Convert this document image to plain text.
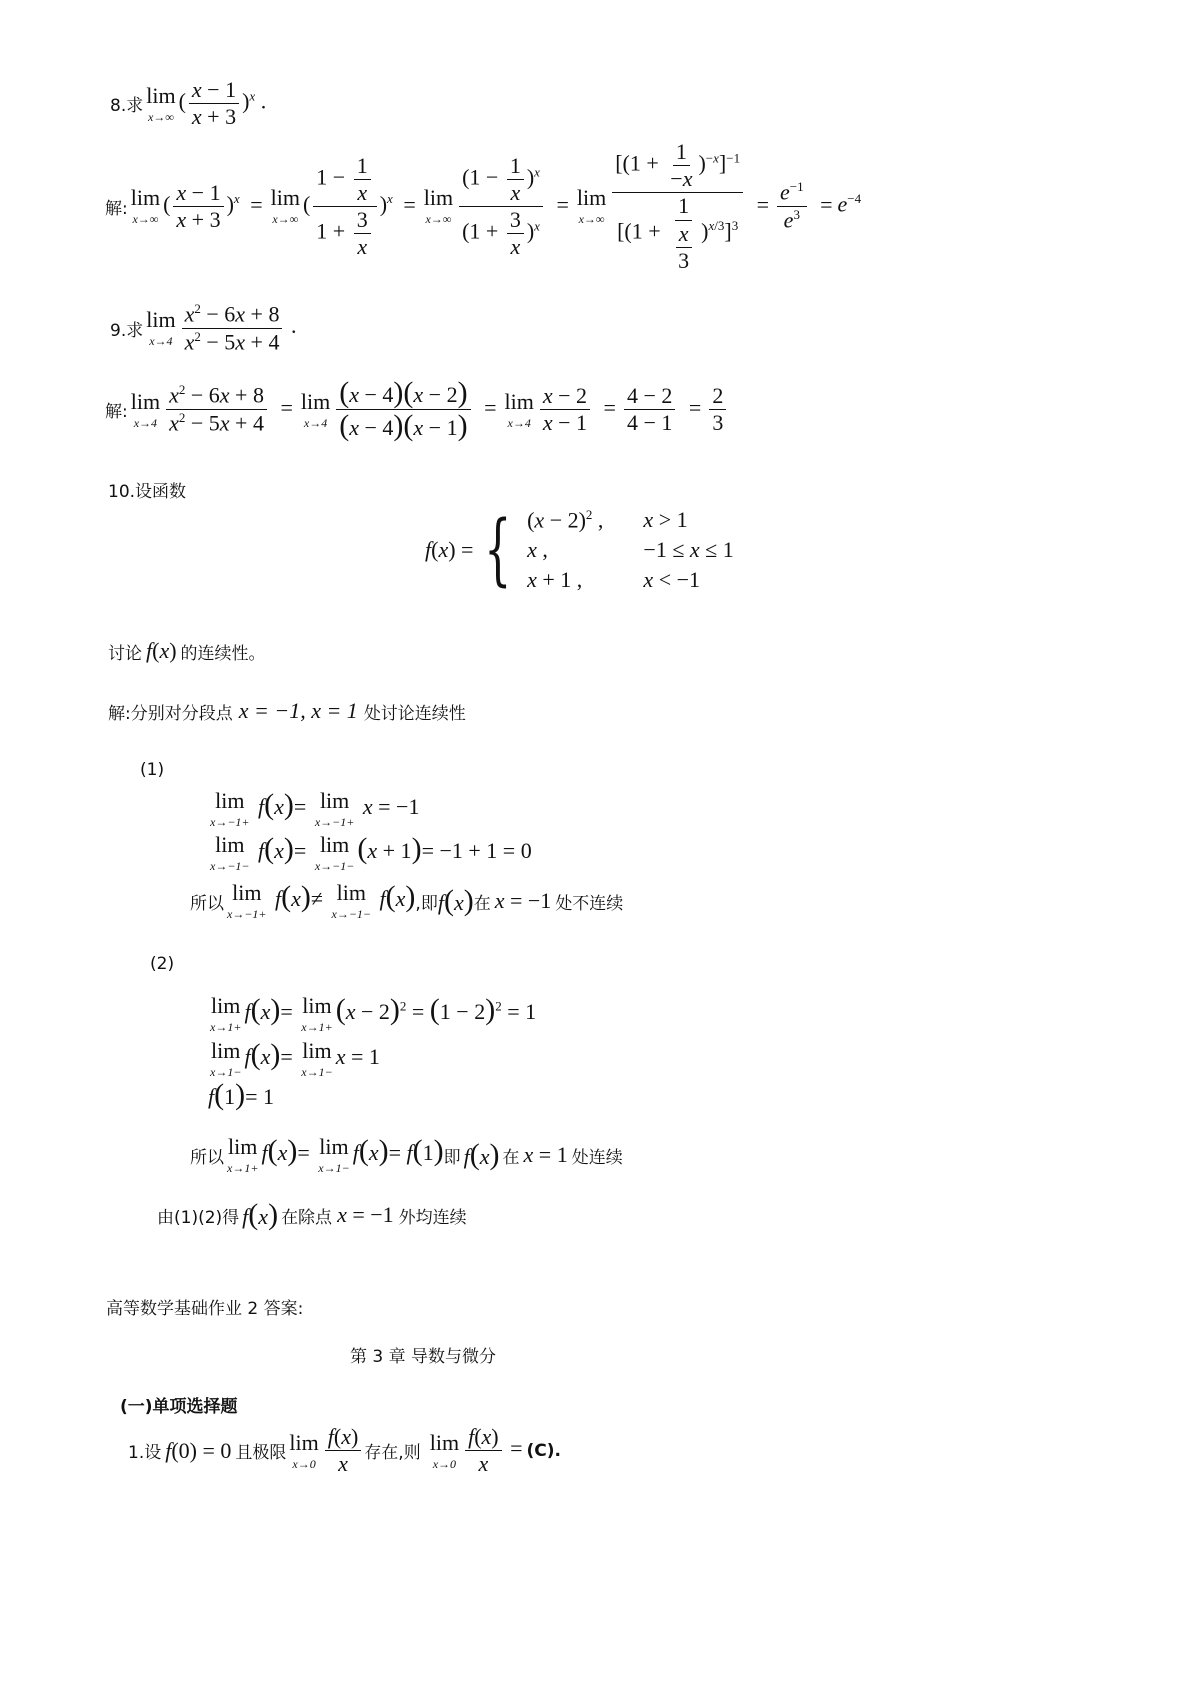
8.求 lim
x→∞
( $\frac{x - 1}{x + 3} )^x$ .
解: lim
x→∞
( $\frac{x - 1}{x + 3} )^x = \lim$
x→∞
( $\frac{1 - \frac{1}{x}}{1 + \frac{3}{x}} )^x = \lim$
$x\to\infty \frac{(1 - \frac{1}{x} )^x}{(1 + \frac{3}{x} )^x} = \lim$
$x\to\infty \frac{[(1 + \frac{1}{-x} )^{-x}]^{-1}}{[(1 + \frac{1}{\frac{x}{3}} )^{x/3}]^3} = \frac{e^{-1}}{e^3} = e^{-4}$
9.求 lim
$x\to 4 \frac{x^2 - 6x + 8}{x^2 - 5x + 4}$ .
解: lim
$x\to 4 \frac{x^2 - 6x + 8}{x^2 - 5x + 4} = \lim$
$x\to 4 \frac{(x - 4)(x - 2)}{(x - 4)(x - 1)} = \lim$
$x\to 4 \frac{x - 2}{x - 1} = \frac{4 - 2}{4 - 1} = \frac{2}{3}$
10.设函数
f(x) = { $(x - 2)^2$ ,	x > 1
x ,	−1 ≤ x ≤ 1
x + 1 ,	x < −1
讨论 f(x) 的连续性。
解:分别对分段点 x = −1, x = 1 处讨论连续性
(1)
lim
x→−1+
f(x)= lim
x→−1+
x = −1
lim
x→−1−
f(x)= lim
x→−1−
(x + 1)= −1 + 1 = 0
所以 lim
x→−1+
f(x)≠ lim
x→−1−
f(x) ,即 f(x) 在 x = −1 处不连续
(2)
lim
x→1+
f(x)= lim
x→1+
$(x - 2)^2 = (1 - 2)^2 = 1$
lim
x→1−
f(x)= lim
x→1−
x = 1
f(1)= 1
所以 lim
x→1+
f(x)= lim
x→1−
f(x)= f(1) 即 f(x) 在 x = 1 处连续
由(1)(2)得 f(x) 在除点 x = −1 外均连续
高等数学基础作业 2 答案:
第 3 章 导数与微分
(一)单项选择题
1.设 f(0) = 0 且极限 lim
$x\to 0 \frac{f(x)}{x}$ 存在,则 lim
$x\to 0 \frac{f(x)}{x} = (C)$.
